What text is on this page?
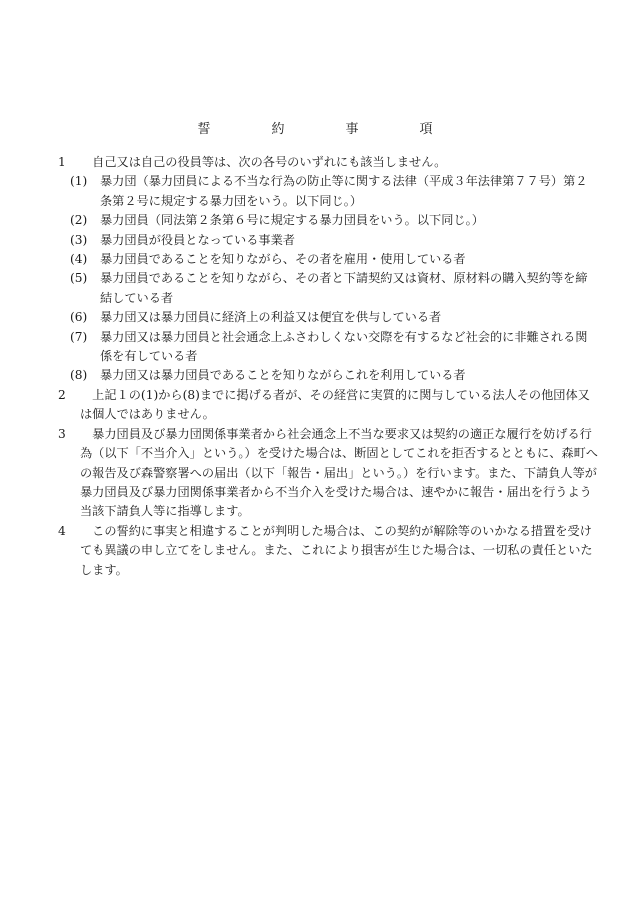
誓　約　事　項
1	　自己又は自己の役員等は、次の各号のいずれにも該当しません。
(1)	暴力団（暴力団員による不当な行為の防止等に関する法律（平成３年法律第７７号）第２条第２号に規定する暴力団をいう。以下同じ。）
(2)	暴力団員（同法第２条第６号に規定する暴力団員をいう。以下同じ。）
(3)	暴力団員が役員となっている事業者
(4)	暴力団員であることを知りながら、その者を雇用・使用している者
(5)	暴力団員であることを知りながら、その者と下請契約又は資材、原材料の購入契約等を締結している者
(6)	暴力団又は暴力団員に経済上の利益又は便宜を供与している者
(7)	暴力団又は暴力団員と社会通念上ふさわしくない交際を有するなど社会的に非難される関係を有している者
(8)	暴力団又は暴力団員であることを知りながらこれを利用している者
2	　上記１の(1)から(8)までに掲げる者が、その経営に実質的に関与している法人その他団体又は個人ではありません。
3	　暴力団員及び暴力団関係事業者から社会通念上不当な要求又は契約の適正な履行を妨げる行為（以下「不当介入」という。）を受けた場合は、断固としてこれを拒否するとともに、森町への報告及び森警察署への届出（以下「報告・届出」という。）を行います。また、下請負人等が暴力団員及び暴力団関係事業者から不当介入を受けた場合は、速やかに報告・届出を行うよう当該下請負人等に指導します。
4	　この誓約に事実と相違することが判明した場合は、この契約が解除等のいかなる措置を受けても異議の申し立てをしません。また、これにより損害が生じた場合は、一切私の責任といたします。
